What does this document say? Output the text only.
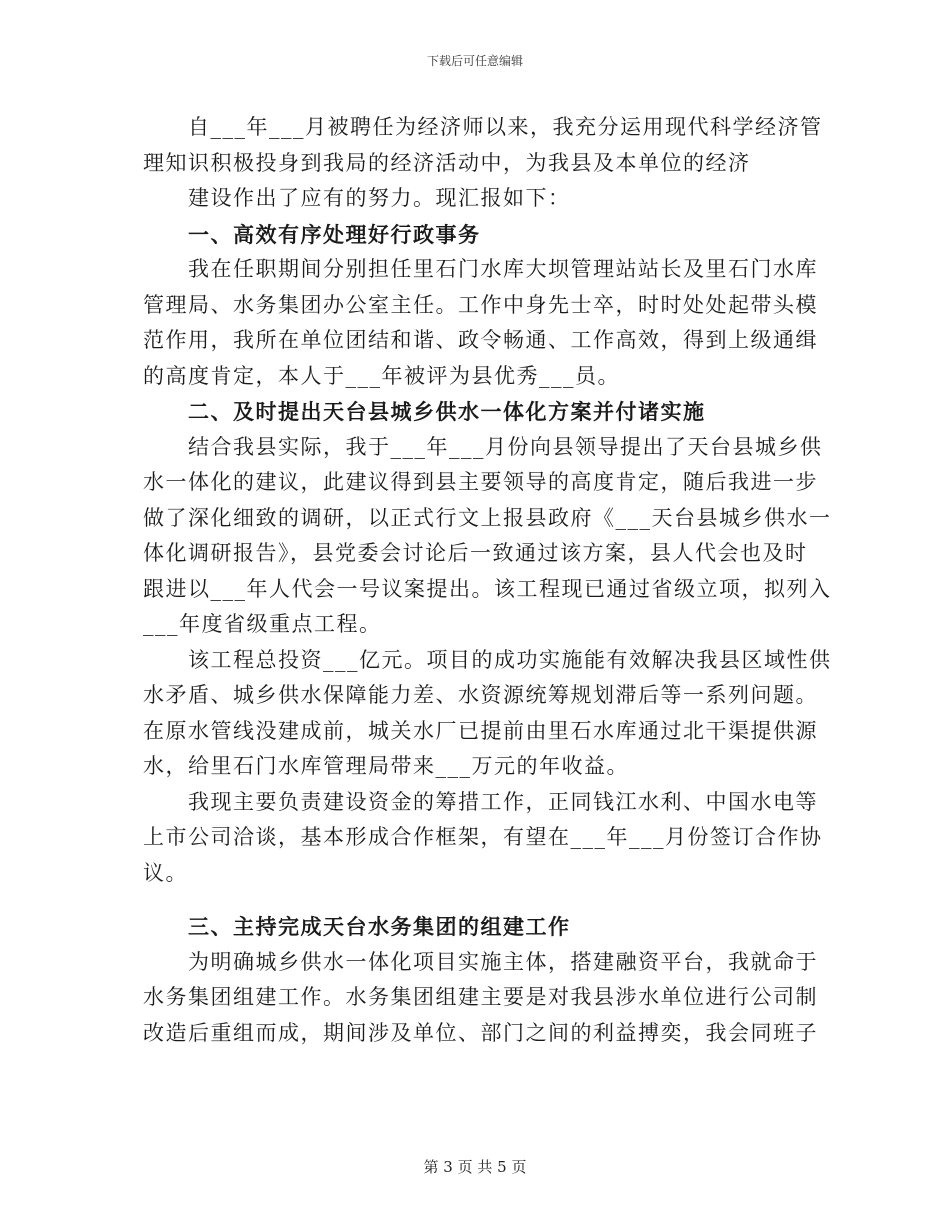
下载后可任意编辑
自___年___月被聘任为经济师以来，我充分运用现代科学经济管
理知识积极投身到我局的经济活动中，为我县及本单位的经济
建设作出了应有的努力。现汇报如下：
一、高效有序处理好行政事务
我在任职期间分别担任里石门水库大坝管理站站长及里石门水库
管理局、水务集团办公室主任。工作中身先士卒，时时处处起带头模
范作用，我所在单位团结和谐、政令畅通、工作高效，得到上级通缉
的高度肯定，本人于___年被评为县优秀___员。
二、及时提出天台县城乡供水一体化方案并付诸实施
结合我县实际，我于___年___月份向县领导提出了天台县城乡供
水一体化的建议，此建议得到县主要领导的高度肯定，随后我进一步
做了深化细致的调研，以正式行文上报县政府《___天台县城乡供水一
体化调研报告》，县党委会讨论后一致通过该方案，县人代会也及时
跟进以___年人代会一号议案提出。该工程现已通过省级立项，拟列入
___年度省级重点工程。
该工程总投资___亿元。项目的成功实施能有效解决我县区域性供
水矛盾、城乡供水保障能力差、水资源统筹规划滞后等一系列问题。
在原水管线没建成前，城关水厂已提前由里石水库通过北干渠提供源
水，给里石门水库管理局带来___万元的年收益。
我现主要负责建设资金的筹措工作，正同钱江水利、中国水电等
上市公司洽谈，基本形成合作框架，有望在___年___月份签订合作协
议。
三、主持完成天台水务集团的组建工作
为明确城乡供水一体化项目实施主体，搭建融资平台，我就命于
水务集团组建工作。水务集团组建主要是对我县涉水单位进行公司制
改造后重组而成，期间涉及单位、部门之间的利益搏奕，我会同班子
第 3 页 共 5 页
